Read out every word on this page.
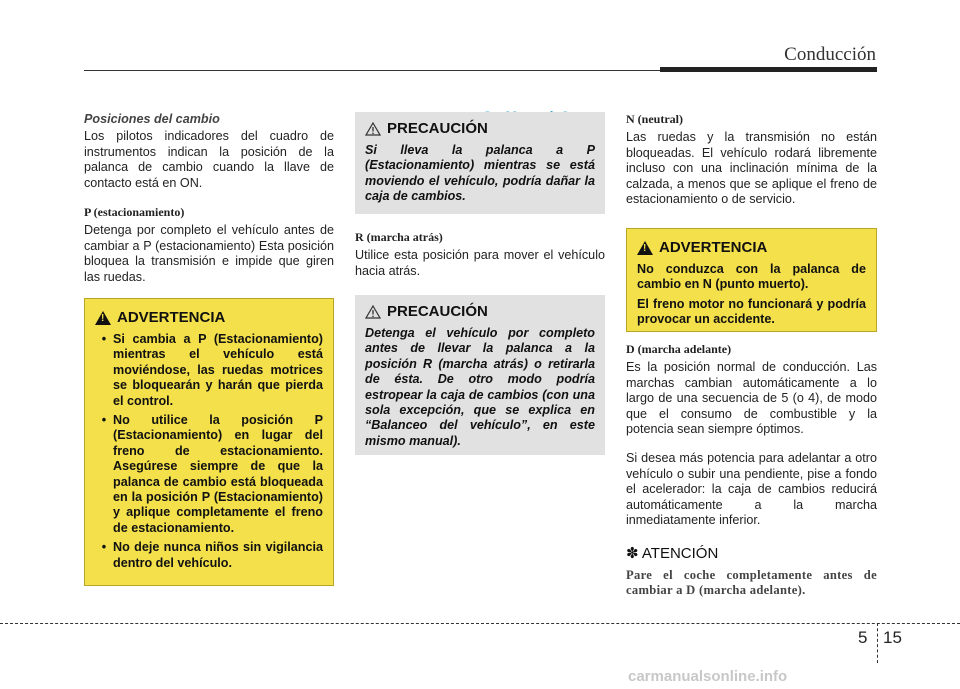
Conducción

Posiciones del cambio

Los pilotos indicadores del cuadro de instrumentos indican la posición de la palanca de cambio cuando la llave de contacto está en ON.

P (estacionamiento)

Detenga por completo el vehículo antes de cambiar a P (estacionamiento) Esta posición bloquea la transmisión e impide que giren las ruedas.

!
ADVERTENCIA
• Si cambia a P (Estacionamiento) mientras el vehículo está moviéndose, las ruedas motrices se bloquearán y harán que pierda el control.
• No utilice la posición P (Estacionamiento) en lugar del freno de estacionamiento. Asegúrese siempre de que la palanca de cambio está bloqueada en la posición P (Estacionamiento) y aplique completamente el freno de estacionamiento.
• No deje nunca niños sin vigilancia dentro del vehículo.
PRECAUCIÓN
Si lleva la palanca a P (Estacionamiento) mientras se está moviendo el vehículo, podría dañar la caja de cambios.

R (marcha atrás)

Utilice esta posición para mover el vehículo hacia atrás.

PRECAUCIÓN
Detenga el vehículo por completo antes de llevar la palanca a la posición R (marcha atrás) o retirarla de ésta. De otro modo podría estropear la caja de cambios (con una sola excepción, que se explica en “Balanceo del vehículo”, en este mismo manual).

N (neutral)

Las ruedas y la transmisión no están bloqueadas. El vehículo rodará libremente incluso con una inclinación mínima de la calzada, a menos que se aplique el freno de estacionamiento o de servicio.

!
ADVERTENCIA

No conduzca con la palanca de cambio en N (punto muerto).

El freno motor no funcionará y podría provocar un accidente.

D (marcha adelante)

Es la posición normal de conducción. Las marchas cambian automáticamente a lo largo de una secuencia de 5 (o 4), de modo que el consumo de combustible y la potencia sean siempre óptimos.

Si desea más potencia para adelantar a otro vehículo o subir una pendiente, pise a fondo el acelerador: la caja de cambios reducirá automáticamente a la marcha inmediatamente inferior.

✽ ATENCIÓN

Pare el coche completamente antes de cambiar a D (marcha adelante).

5 15
carmanualsonline.info
